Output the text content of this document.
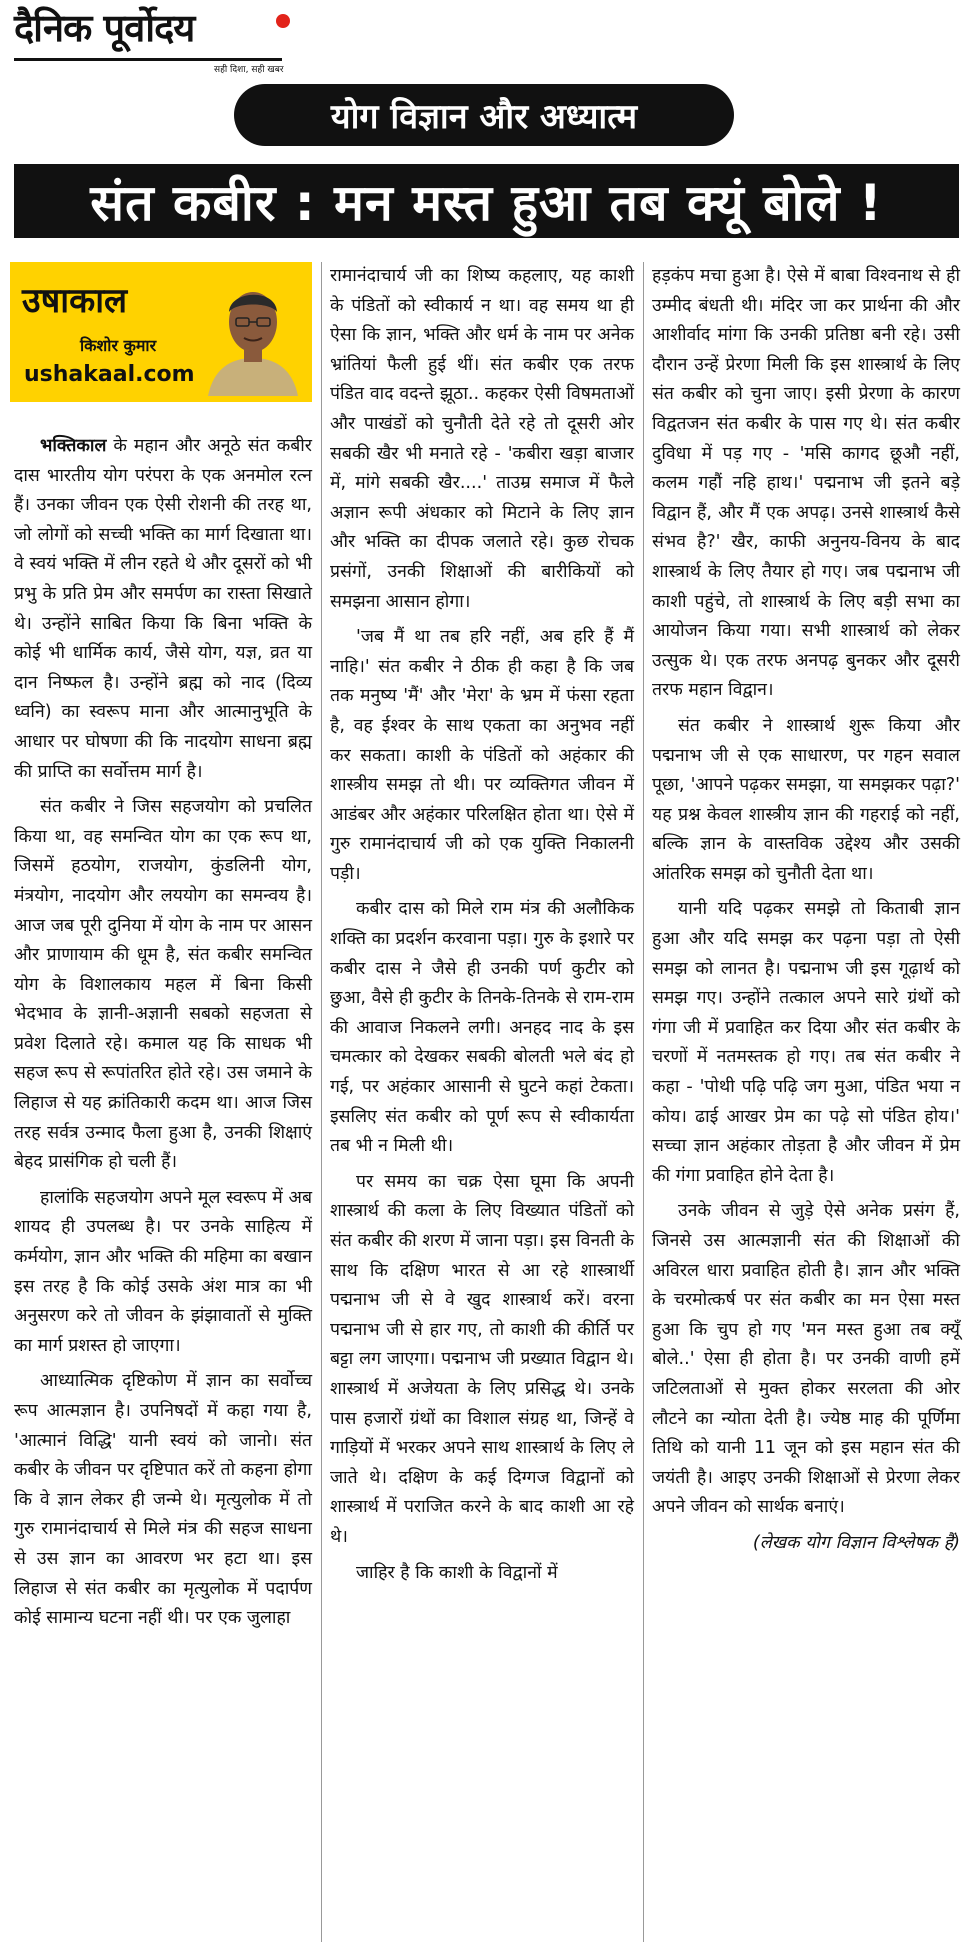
दैनिक पूर्वोदय
सही दिशा, सही खबर
योग विज्ञान और अध्यात्म
संत कबीर : मन मस्त हुआ तब क्यूं बोले !
उषाकाल
किशोर कुमार
ushakaal.com

भक्तिकाल के महान और अनूठे संत कबीर दास भारतीय योग परंपरा के एक अनमोल रत्न हैं। उनका जीवन एक ऐसी रोशनी की तरह था, जो लोगों को सच्ची भक्ति का मार्ग दिखाता था। वे स्वयं भक्ति में लीन रहते थे और दूसरों को भी प्रभु के प्रति प्रेम और समर्पण का रास्ता सिखाते थे। उन्होंने साबित किया कि बिना भक्ति के कोई भी धार्मिक कार्य, जैसे योग, यज्ञ, व्रत या दान निष्फल है। उन्होंने ब्रह्म को नाद (दिव्य ध्वनि) का स्वरूप माना और आत्मानुभूति के आधार पर घोषणा की कि नादयोग साधना ब्रह्म की प्राप्ति का सर्वोत्तम मार्ग है।

संत कबीर ने जिस सहजयोग को प्रचलित किया था, वह समन्वित योग का एक रूप था, जिसमें हठयोग, राजयोग, कुंडलिनी योग, मंत्रयोग, नादयोग और लययोग का समन्वय है। आज जब पूरी दुनिया में योग के नाम पर आसन और प्राणायाम की धूम है, संत कबीर समन्वित योग के विशालकाय महल में बिना किसी भेदभाव के ज्ञानी-अज्ञानी सबको सहजता से प्रवेश दिलाते रहे। कमाल यह कि साधक भी सहज रूप से रूपांतरित होते रहे। उस जमाने के लिहाज से यह क्रांतिकारी कदम था। आज जिस तरह सर्वत्र उन्माद फैला हुआ है, उनकी शिक्षाएं बेहद प्रासंगिक हो चली हैं।

हालांकि सहजयोग अपने मूल स्वरूप में अब शायद ही उपलब्ध है। पर उनके साहित्य में कर्मयोग, ज्ञान और भक्ति की महिमा का बखान इस तरह है कि कोई उसके अंश मात्र का भी अनुसरण करे तो जीवन के झंझावातों से मुक्ति का मार्ग प्रशस्त हो जाएगा।

आध्यात्मिक दृष्टिकोण में ज्ञान का सर्वोच्च रूप आत्मज्ञान है। उपनिषदों में कहा गया है, 'आत्मानं विद्धि' यानी स्वयं को जानो। संत कबीर के जीवन पर दृष्टिपात करें तो कहना होगा कि वे ज्ञान लेकर ही जन्मे थे। मृत्युलोक में तो गुरु रामानंदाचार्य से मिले मंत्र की सहज साधना से उस ज्ञान का आवरण भर हटा था। इस लिहाज से संत कबीर का मृत्युलोक में पदार्पण कोई सामान्य घटना नहीं थी। पर एक जुलाहा

रामानंदाचार्य जी का शिष्य कहलाए, यह काशी के पंडितों को स्वीकार्य न था। वह समय था ही ऐसा कि ज्ञान, भक्ति और धर्म के नाम पर अनेक भ्रांतियां फैली हुई थीं। संत कबीर एक तरफ पंडित वाद वदन्ते झूठा.. कहकर ऐसी विषमताओं और पाखंडों को चुनौती देते रहे तो दूसरी ओर सबकी खैर भी मनाते रहे - 'कबीरा खड़ा बाजार में, मांगे सबकी खैर....' ताउम्र समाज में फैले अज्ञान रूपी अंधकार को मिटाने के लिए ज्ञान और भक्ति का दीपक जलाते रहे। कुछ रोचक प्रसंगों, उनकी शिक्षाओं की बारीकियों को समझना आसान होगा।

'जब मैं था तब हरि नहीं, अब हरि हैं मैं नाहि।' संत कबीर ने ठीक ही कहा है कि जब तक मनुष्य 'मैं' और 'मेरा' के भ्रम में फंसा रहता है, वह ईश्वर के साथ एकता का अनुभव नहीं कर सकता। काशी के पंडितों को अहंकार की शास्त्रीय समझ तो थी। पर व्यक्तिगत जीवन में आडंबर और अहंकार परिलक्षित होता था। ऐसे में गुरु रामानंदाचार्य जी को एक युक्ति निकालनी पड़ी।

कबीर दास को मिले राम मंत्र की अलौकिक शक्ति का प्रदर्शन करवाना पड़ा। गुरु के इशारे पर कबीर दास ने जैसे ही उनकी पर्ण कुटीर को छुआ, वैसे ही कुटीर के तिनके-तिनके से राम-राम की आवाज निकलने लगी। अनहद नाद के इस चमत्कार को देखकर सबकी बोलती भले बंद हो गई, पर अहंकार आसानी से घुटने कहां टेकता। इसलिए संत कबीर को पूर्ण रूप से स्वीकार्यता तब भी न मिली थी।

पर समय का चक्र ऐसा घूमा कि अपनी शास्त्रार्थ की कला के लिए विख्यात पंडितों को संत कबीर की शरण में जाना पड़ा। इस विनती के साथ कि दक्षिण भारत से आ रहे शास्त्रार्थी पद्मनाभ जी से वे खुद शास्त्रार्थ करें। वरना पद्मनाभ जी से हार गए, तो काशी की कीर्ति पर बट्टा लग जाएगा। पद्मनाभ जी प्रख्यात विद्वान थे। शास्त्रार्थ में अजेयता के लिए प्रसिद्ध थे। उनके पास हजारों ग्रंथों का विशाल संग्रह था, जिन्हें वे गाड़ियों में भरकर अपने साथ शास्त्रार्थ के लिए ले जाते थे। दक्षिण के कई दिग्गज विद्वानों को शास्त्रार्थ में पराजित करने के बाद काशी आ रहे थे।

जाहिर है कि काशी के विद्वानों में

हड़कंप मचा हुआ है। ऐसे में बाबा विश्वनाथ से ही उम्मीद बंधती थी। मंदिर जा कर प्रार्थना की और आशीर्वाद मांगा कि उनकी प्रतिष्ठा बनी रहे। उसी दौरान उन्हें प्रेरणा मिली कि इस शास्त्रार्थ के लिए संत कबीर को चुना जाए। इसी प्रेरणा के कारण विद्वतजन संत कबीर के पास गए थे। संत कबीर दुविधा में पड़ गए - 'मसि कागद छूऔ नहीं, कलम गहौं नहि हाथ।' पद्मनाभ जी इतने बड़े विद्वान हैं, और मैं एक अपढ़। उनसे शास्त्रार्थ कैसे संभव है?' खैर, काफी अनुनय-विनय के बाद शास्त्रार्थ के लिए तैयार हो गए। जब पद्मनाभ जी काशी पहुंचे, तो शास्त्रार्थ के लिए बड़ी सभा का आयोजन किया गया। सभी शास्त्रार्थ को लेकर उत्सुक थे। एक तरफ अनपढ़ बुनकर और दूसरी तरफ महान विद्वान।

संत कबीर ने शास्त्रार्थ शुरू किया और पद्मनाभ जी से एक साधारण, पर गहन सवाल पूछा, 'आपने पढ़कर समझा, या समझकर पढ़ा?' यह प्रश्न केवल शास्त्रीय ज्ञान की गहराई को नहीं, बल्कि ज्ञान के वास्तविक उद्देश्य और उसकी आंतरिक समझ को चुनौती देता था।

यानी यदि पढ़कर समझे तो किताबी ज्ञान हुआ और यदि समझ कर पढ़ना पड़ा तो ऐसी समझ को लानत है। पद्मनाभ जी इस गूढ़ार्थ को समझ गए। उन्होंने तत्काल अपने सारे ग्रंथों को गंगा जी में प्रवाहित कर दिया और संत कबीर के चरणों में नतमस्तक हो गए। तब संत कबीर ने कहा - 'पोथी पढ़ि पढ़ि जग मुआ, पंडित भया न कोय। ढाई आखर प्रेम का पढ़े सो पंडित होय।' सच्चा ज्ञान अहंकार तोड़ता है और जीवन में प्रेम की गंगा प्रवाहित होने देता है।

उनके जीवन से जुड़े ऐसे अनेक प्रसंग हैं, जिनसे उस आत्मज्ञानी संत की शिक्षाओं की अविरल धारा प्रवाहित होती है। ज्ञान और भक्ति के चरमोत्कर्ष पर संत कबीर का मन ऐसा मस्त हुआ कि चुप हो गए 'मन मस्त हुआ तब क्यूँ बोले..' ऐसा ही होता है। पर उनकी वाणी हमें जटिलताओं से मुक्त होकर सरलता की ओर लौटने का न्योता देती है। ज्येष्ठ माह की पूर्णिमा तिथि को यानी 11 जून को इस महान संत की जयंती है। आइए उनकी शिक्षाओं से प्रेरणा लेकर अपने जीवन को सार्थक बनाएं।

(लेखक योग विज्ञान विश्लेषक हैं)
